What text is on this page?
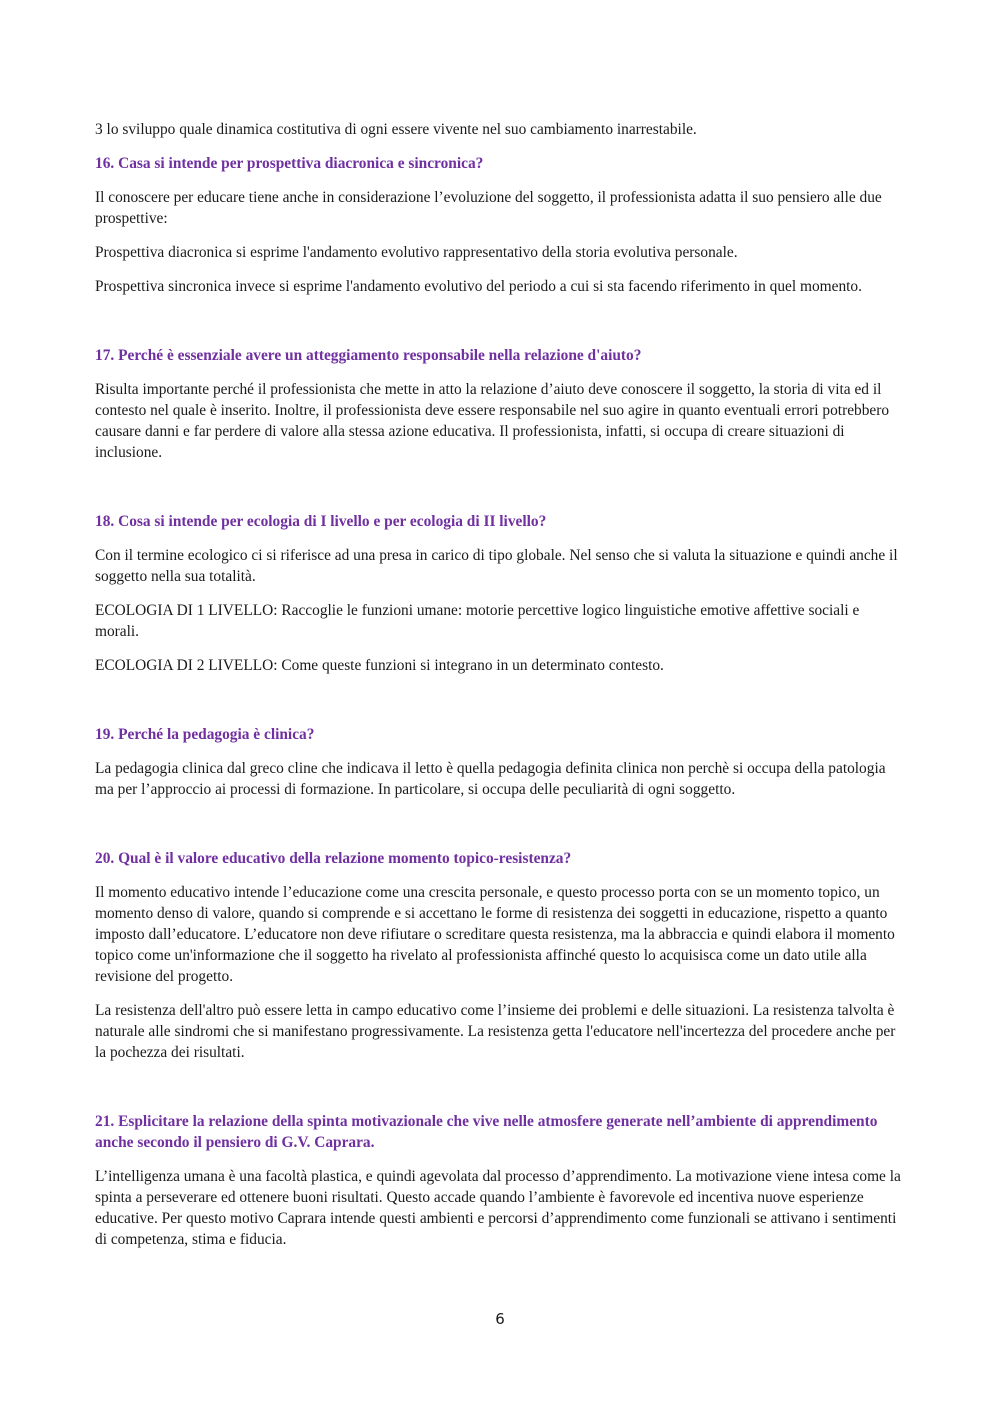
3 lo sviluppo quale dinamica costitutiva di ogni essere vivente nel suo cambiamento inarrestabile.

16. Casa si intende per prospettiva diacronica e sincronica?

Il conoscere per educare tiene anche in considerazione l’evoluzione del soggetto, il professionista adatta il suo pensiero alle due prospettive:

Prospettiva diacronica si esprime l'andamento evolutivo rappresentativo della storia evolutiva personale.

Prospettiva sincronica invece si esprime l'andamento evolutivo del periodo a cui si sta facendo riferimento in quel momento.

17. Perché è essenziale avere un atteggiamento responsabile nella relazione d'aiuto?

Risulta importante perché il professionista che mette in atto la relazione d’aiuto deve conoscere il soggetto, la storia di vita ed il contesto nel quale è inserito. Inoltre, il professionista deve essere responsabile nel suo agire in quanto eventuali errori potrebbero causare danni e far perdere di valore alla stessa azione educativa. Il professionista, infatti, si occupa di creare situazioni di inclusione.

18. Cosa si intende per ecologia di I livello e per ecologia di II livello?

Con il termine ecologico ci si riferisce ad una presa in carico di tipo globale. Nel senso che si valuta la situazione e quindi anche il soggetto nella sua totalità.

ECOLOGIA DI 1 LIVELLO: Raccoglie le funzioni umane: motorie percettive logico linguistiche emotive affettive sociali e morali.

ECOLOGIA DI 2 LIVELLO: Come queste funzioni si integrano in un determinato contesto.

19. Perché la pedagogia è clinica?

La pedagogia clinica dal greco cline che indicava il letto è quella pedagogia definita clinica non perchè si occupa della patologia ma per l’approccio ai processi di formazione. In particolare, si occupa delle peculiarità di ogni soggetto.

20. Qual è il valore educativo della relazione momento topico-resistenza?

Il momento educativo intende l’educazione come una crescita personale, e questo processo porta con se un momento topico, un momento denso di valore, quando si comprende e si accettano le forme di resistenza dei soggetti in educazione, rispetto a quanto imposto dall’educatore. L’educatore non deve rifiutare o screditare questa resistenza, ma la abbraccia e quindi elabora il momento topico come un'informazione che il soggetto ha rivelato al professionista affinché questo lo acquisisca come un dato utile alla revisione del progetto.

La resistenza dell'altro può essere letta in campo educativo come l’insieme dei problemi e delle situazioni. La resistenza talvolta è naturale alle sindromi che si manifestano progressivamente. La resistenza getta l'educatore nell'incertezza del procedere anche per la pochezza dei risultati.

21. Esplicitare la relazione della spinta motivazionale che vive nelle atmosfere generate nell’ambiente di apprendimento anche secondo il pensiero di G.V. Caprara.

L’intelligenza umana è una facoltà plastica, e quindi agevolata dal processo d’apprendimento. La motivazione viene intesa come la spinta a perseverare ed ottenere buoni risultati. Questo accade quando l’ambiente è favorevole ed incentiva nuove esperienze educative. Per questo motivo Caprara intende questi ambienti e percorsi d’apprendimento come funzionali se attivano i sentimenti di competenza, stima e fiducia.

6
